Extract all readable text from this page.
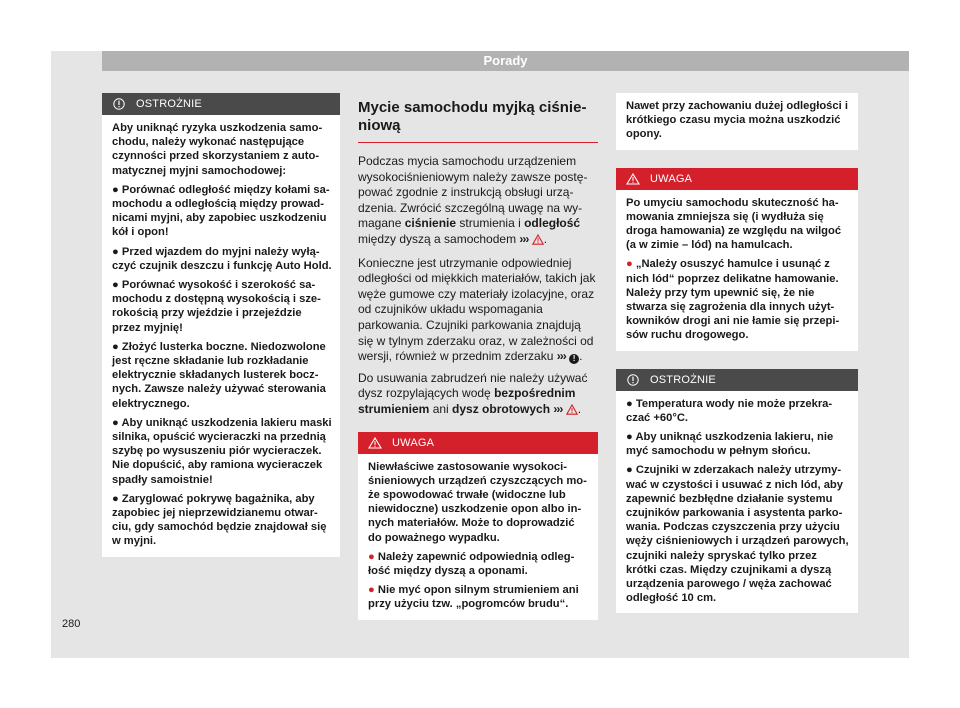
Porady
OSTROŻNIE

Aby uniknąć ryzyka uszkodzenia samochodu, należy wykonać następujące czynności przed skorzystaniem z automatycznej myjni samochodowej:

● Porównać odległość między kołami samochodu a odległością między prowadnicami myjni, aby zapobiec uszkodzeniu kół i opon!

● Przed wjazdem do myjni należy wyłączyć czujnik deszczu i funkcję Auto Hold.

● Porównać wysokość i szerokość samochodu z dostępną wysokością i szerokością przy wjeździe i przejeździe przez myjnię!

● Złożyć lusterka boczne. Niedozwolone jest ręczne składanie lub rozkładanie elektrycznie składanych lusterek bocznych. Zawsze należy używać sterowania elektrycznego.

● Aby uniknąć uszkodzenia lakieru maski silnika, opuścić wycieraczki na przednią szybę po wysuszeniu piór wycieraczek. Nie dopuścić, aby ramiona wycieraczek spadły samoistnie!

● Zaryglować pokrywę bagażnika, aby zapobiec jej nieprzewidzianemu otwarciu, gdy samochód będzie znajdował się w myjni.

Mycie samochodu myjką ciśnieniową

Podczas mycia samochodu urządzeniem wysokociśnieniowym należy zawsze postępować zgodnie z instrukcją obsługi urządzenia. Zwrócić szczególną uwagę na wymagane ciśnienie strumienia i odległość między dyszą a samochodem ››› .

Konieczne jest utrzymanie odpowiedniej odległości od miękkich materiałów, takich jak węże gumowe czy materiały izolacyjne, oraz od czujników układu wspomagania parkowania. Czujniki parkowania znajdują się w tylnym zderzaku oraz, w zależności od wersji, również w przednim zderzaku ››› ! .

Do usuwania zabrudzeń nie należy używać dysz rozpylających wodę bezpośrednim strumieniem ani dysz obrotowych ››› .

UWAGA

Niewłaściwe zastosowanie wysokociśnieniowych urządzeń czyszczących może spowodować trwałe (widoczne lub niewidoczne) uszkodzenie opon albo innych materiałów. Może to doprowadzić do poważnego wypadku.

● Należy zapewnić odpowiednią odległość między dyszą a oponami.

● Nie myć opon silnym strumieniem ani przy użyciu tzw. „pogromców brudu“.

Nawet przy zachowaniu dużej odległości i krótkiego czasu mycia można uszkodzić opony.
UWAGA

Po umyciu samochodu skuteczność hamowania zmniejsza się (i wydłuża się droga hamowania) ze względu na wilgoć (a w zimie – lód) na hamulcach.

● „Należy osuszyć hamulce i usunąć z nich lód“ poprzez delikatne hamowanie. Należy przy tym upewnić się, że nie stwarza się zagrożenia dla innych użytkowników drogi ani nie łamie się przepisów ruchu drogowego.

OSTROŻNIE

● Temperatura wody nie może przekraczać +60°C.

● Aby uniknąć uszkodzenia lakieru, nie myć samochodu w pełnym słońcu.

● Czujniki w zderzakach należy utrzymywać w czystości i usuwać z nich lód, aby zapewnić bezbłędne działanie systemu czujników parkowania i asystenta parkowania. Podczas czyszczenia przy użyciu węży ciśnieniowych i urządzeń parowych, czujniki należy spryskać tylko przez krótki czas. Między czujnikami a dyszą urządzenia parowego / węża zachować odległość 10 cm.

280
